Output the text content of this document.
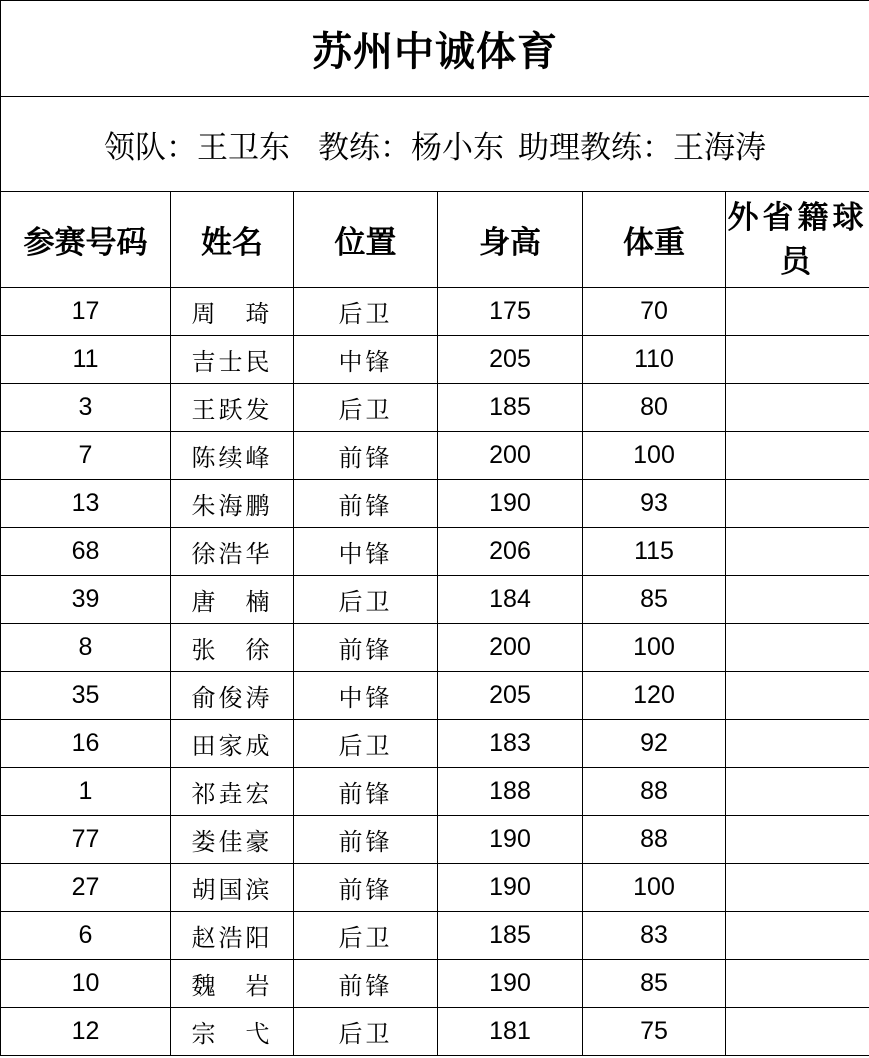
苏州中诚体育					
领队：王卫东 教练：杨小东 助理教练：王海涛					
参赛号码	姓名	位置	身高	体重	外省籍球员
17	周　琦	后卫	175	70	
11	吉士民	中锋	205	110	
3	王跃发	后卫	185	80	
7	陈续峰	前锋	200	100	
13	朱海鹏	前锋	190	93	
68	徐浩华	中锋	206	115	
39	唐　楠	后卫	184	85	
8	张　徐	前锋	200	100	
35	俞俊涛	中锋	205	120	
16	田家成	后卫	183	92	
1	祁垚宏	前锋	188	88	
77	娄佳豪	前锋	190	88	
27	胡国滨	前锋	190	100	
6	赵浩阳	后卫	185	83	
10	魏　岩	前锋	190	85	
12	宗　弋	后卫	181	75	
